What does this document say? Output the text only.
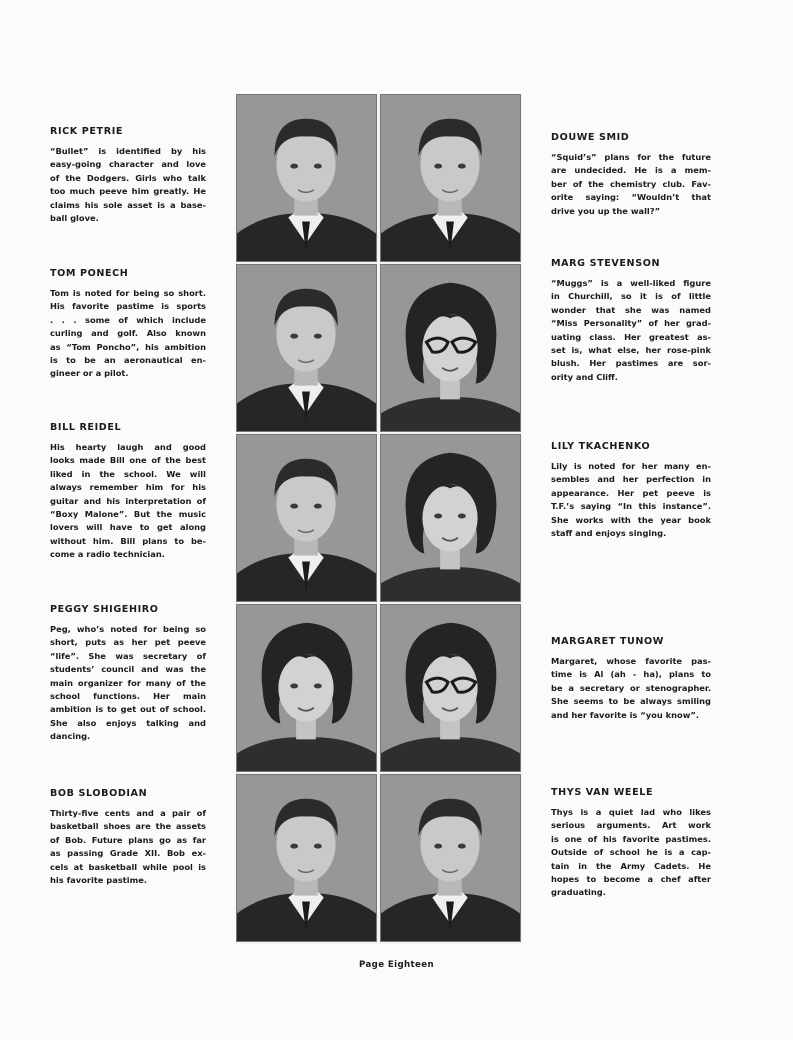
RICK PETRIE

“Bullet” is identified by his
easy-going character and love
of the Dodgers. Girls who talk
too much peeve him greatly. He
claims his sole asset is a base-
ball glove.

TOM PONECH

Tom is noted for being so short.
His favorite pastime is sports
. . . some of which include
curling and golf. Also known
as “Tom Poncho”, his ambition
is to be an aeronautical en-
gineer or a pilot.

BILL REIDEL

His hearty laugh and good
looks made Bill one of the best
liked in the school. We will
always remember him for his
guitar and his interpretation of
“Boxy Malone”. But the music
lovers will have to get along
without him. Bill plans to be-
come a radio technician.

PEGGY SHIGEHIRO

Peg, who’s noted for being so
short, puts as her pet peeve
“life”. She was secretary of
students’ council and was the
main organizer for many of the
school functions. Her main
ambition is to get out of school.
She also enjoys talking and
dancing.

BOB SLOBODIAN

Thirty-five cents and a pair of
basketball shoes are the assets
of Bob. Future plans go as far
as passing Grade XII. Bob ex-
cels at basketball while pool is
his favorite pastime.

DOUWE SMID

“Squid’s” plans for the future
are undecided. He is a mem-
ber of the chemistry club. Fav-
orite saying: “Wouldn’t that
drive you up the wall?”

MARG STEVENSON

“Muggs” is a well-liked figure
in Churchill, so it is of little
wonder that she was named
“Miss Personality” of her grad-
uating class. Her greatest as-
set is, what else, her rose-pink
blush. Her pastimes are sor-
ority and Cliff.

LILY TKACHENKO

Lily is noted for her many en-
sembles and her perfection in
appearance. Her pet peeve is
T.F.’s saying “In this instance”.
She works with the year book
staff and enjoys singing.

MARGARET TUNOW

Margaret, whose favorite pas-
time is Al (ah - ha), plans to
be a secretary or stenographer.
She seems to be always smiling
and her favorite is “you know”.

THYS VAN WEELE

Thys is a quiet lad who likes
serious arguments. Art work
is one of his favorite pastimes.
Outside of school he is a cap-
tain in the Army Cadets. He
hopes to become a chef after
graduating.
Page Eighteen
